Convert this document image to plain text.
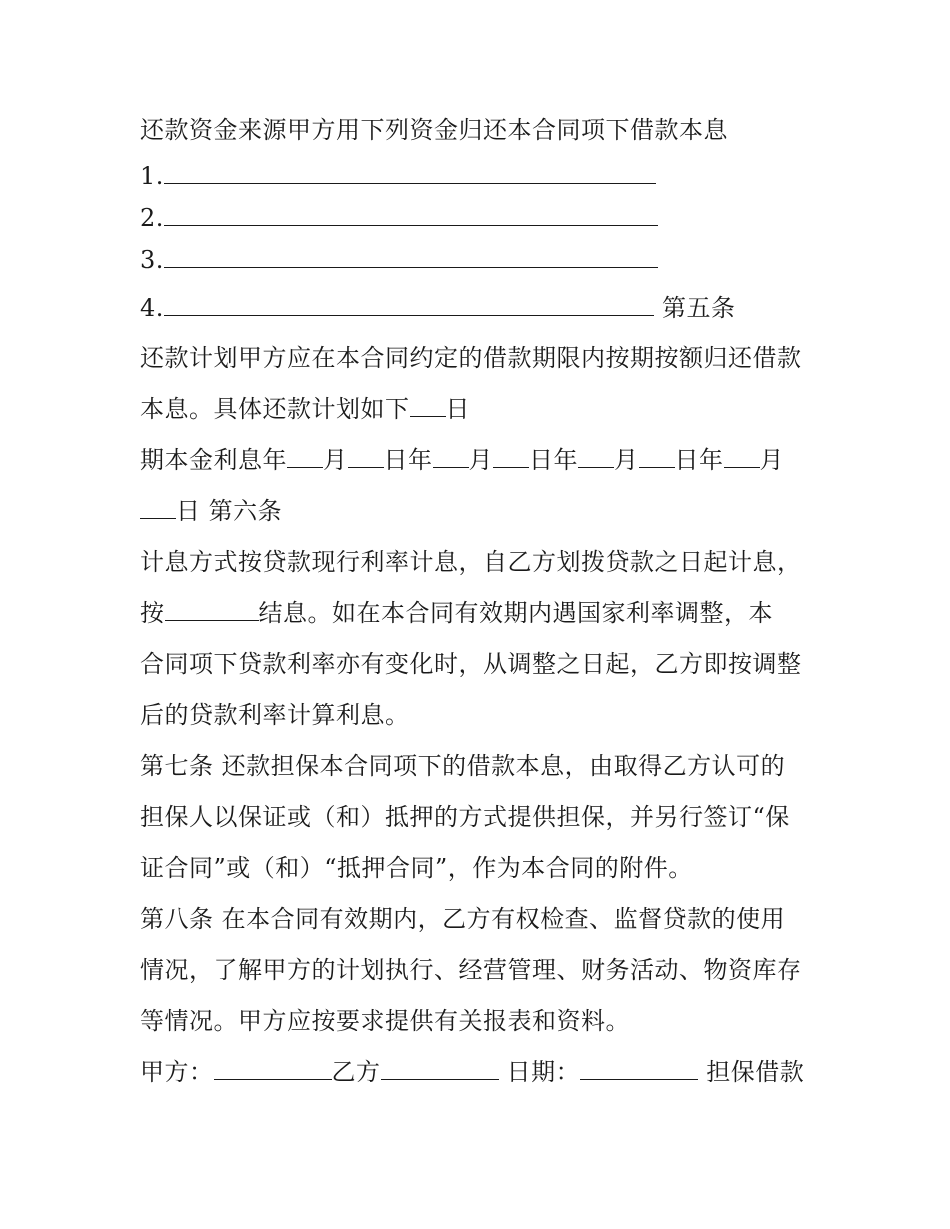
还款资金来源甲方用下列资金归还本合同项下借款本息
1.
2.
3.
4.	第五条
还款计划甲方应在本合同约定的借款期限内按期按额归还借款
本息。具体还款计划如下 日
期本金利息年 月 日年 月 日年 月 日年 月
日 第六条
计息方式按贷款现行利率计息，自乙方划拨贷款之日起计息，
按	结息。如在本合同有效期内遇国家利率调整，本
合同项下贷款利率亦有变化时，从调整之日起，乙方即按调整
后的贷款利率计算利息。
第七条 还款担保本合同项下的借款本息，由取得乙方认可的
担保人以保证或（和）抵押的方式提供担保，并另行签订“保
证合同”或（和）“抵押合同”，作为本合同的附件。
第八条 在本合同有效期内，乙方有权检查、监督贷款的使用
情况，了解甲方的计划执行、经营管理、财务活动、物资库存
等情况。甲方应按要求提供有关报表和资料。
甲方：	乙方	日期：	担保借款
